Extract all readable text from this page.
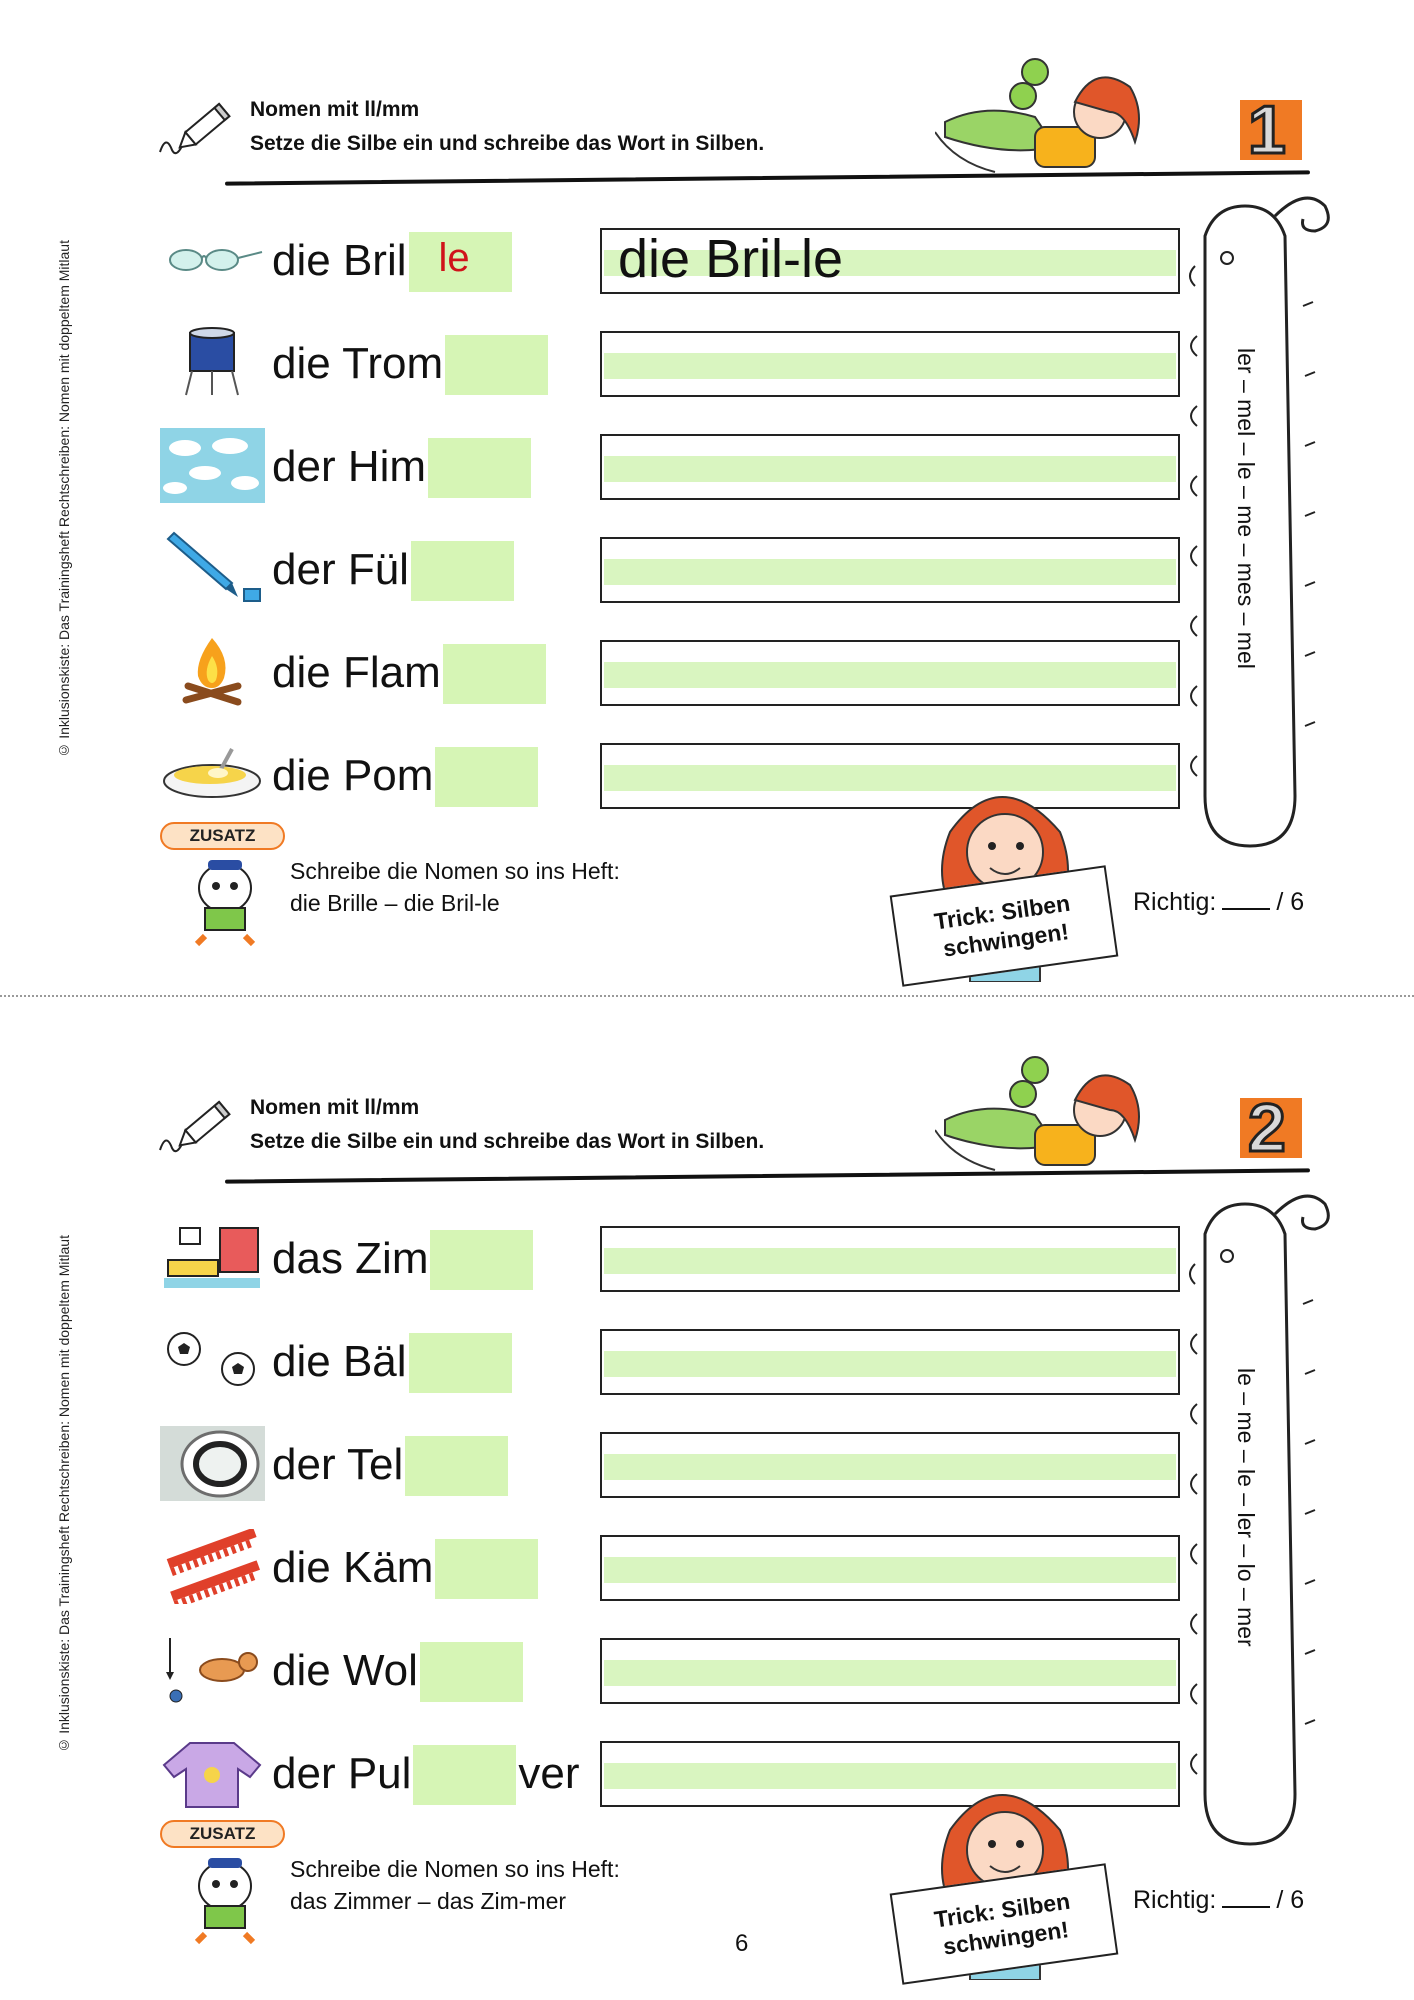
© Inklusionskiste: Das Trainingsheft Rechtschreiben: Nomen mit doppeltem Mitlaut
© Inklusionskiste: Das Trainingsheft Rechtschreiben: Nomen mit doppeltem Mitlaut
Nomen mit ll/mm
Setze die Silbe ein und schreibe das Wort in Silben.	1
die Bril le	die Bril-le
die Trom
der Him
der Fül
die Flam
die Pom
ler – mel – le – me – mes – mel
ZUSATZ
Schreibe die Nomen so ins Heft:
die Brille – die Bril-le	Trick: Silben schwingen!
Richtig: / 6
Nomen mit ll/mm
Setze die Silbe ein und schreibe das Wort in Silben.	2
das Zim
die Bäl
der Tel
die Käm
die Wol
der Pul ver
le – me – le – ler – lo – mer
ZUSATZ
Schreibe die Nomen so ins Heft:
das Zimmer – das Zim-mer	Trick: Silben schwingen!
Richtig: / 6
6
